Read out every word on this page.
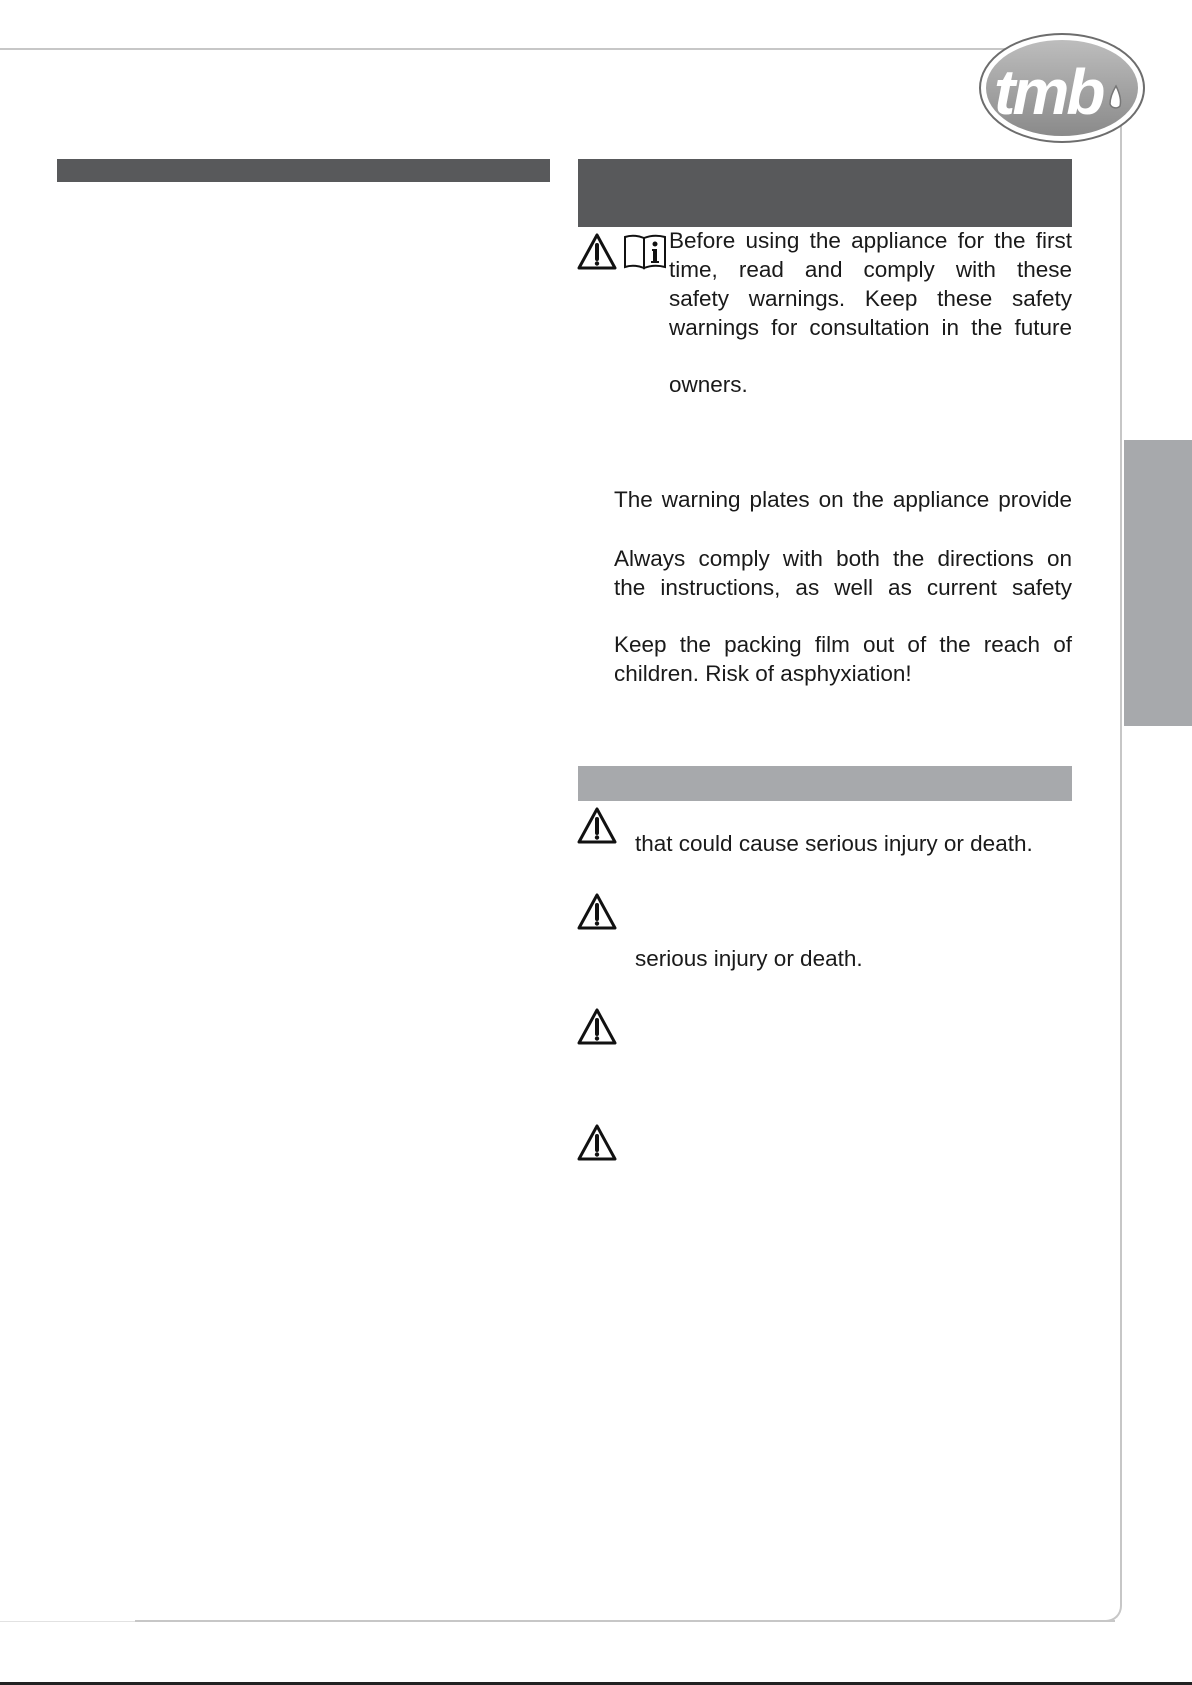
tmb
Before using the appliance for the first
time, read and comply with these
safety warnings. Keep these safety
warnings for consultation in the future
owners.
The warning plates on the appliance provide
Always comply with both the directions on
the instructions, as well as current safety
Keep the packing film out of the reach of
children. Risk of asphyxiation!
that could cause serious injury or death.
serious injury or death.
